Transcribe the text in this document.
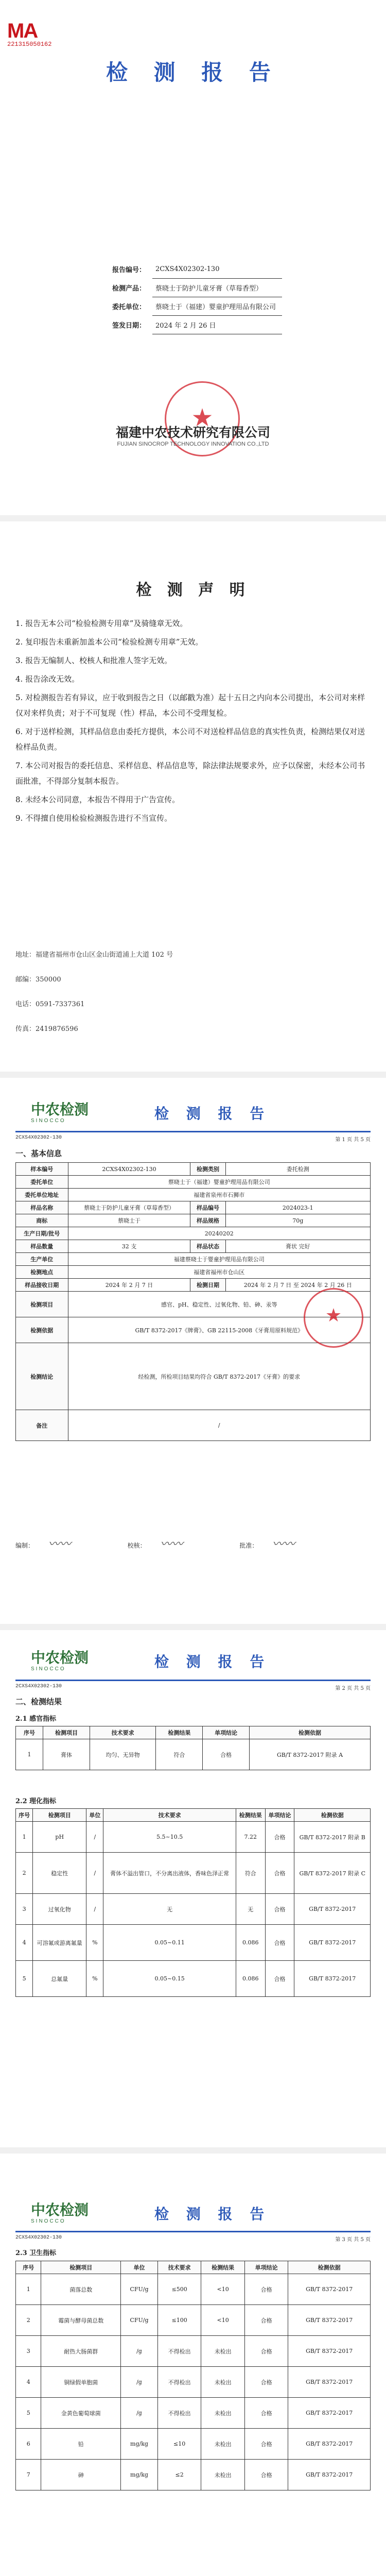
MA
221315050162
检 测 报 告
报告编号：	2CXS4X02302-130
检测产品：	蔡晓士于防护儿童牙膏（草莓香型）
委托单位：	蔡晓士于（福建）婴童护理用品有限公司
签发日期：	2024 年 2 月 26 日
★
福建中农技术研究有限公司
FUJIAN SINOCROP TECHNOLOGY INNOVATION CO.,LTD
检 测 声 明
1. 报告无本公司“检验检测专用章”及骑缝章无效。
2. 复印报告未重新加盖本公司“检验检测专用章”无效。
3. 报告无编制人、校核人和批准人签字无效。
4. 报告涂改无效。
5. 对检测报告若有异议，应于收到报告之日（以邮戳为准）起十五日之内向本公司提出，本公司对来样仅对来样负责；对于不可复现（性）样品，本公司不受理复检。
6. 对于送样检测，其样品信息由委托方提供，本公司不对送检样品信息的真实性负责，检测结果仅对送检样品负责。
7. 本公司对报告的委托信息、采样信息、样品信息等，除法律法规要求外，应予以保密，未经本公司书面批准，不得部分复制本报告。
8. 未经本公司同意，本报告不得用于广告宣传。
9. 不得擅自使用检验检测报告进行不当宣传。
地址：福建省福州市仓山区金山街道浦上大道 102 号
邮编：350000
电话：0591-7337361
传真：2419876596
中农检测
SINOCCO	检 测 报 告
2CXS4X02302-130	第 1 页 共 5 页
一、基本信息
样本编号	2CXS4X02302-130	检测类别	委托检测
委托单位	蔡晓士于（福建）婴童护理用品有限公司		
委托单位地址	福建省泉州市石狮市		
样品名称	蔡晓士于防护儿童牙膏（草莓香型）	样品编号	2024023-1
商标	蔡晓士于	样品规格	70g
生产日期/批号	20240202		
样品数量	32 支	样品状态	膏状 完好
生产单位	福建蔡晓士于婴童护理用品有限公司		
检测地点	福建省福州市仓山区		
样品接收日期	2024 年 2 月 7 日	检测日期	2024 年 2 月 7 日 至 2024 年 2 月 26 日
检测项目	感官、pH、稳定性、过氧化物、铅、砷、汞等		
检测依据	GB/T 8372-2017《牌膏》、GB 22115-2008《牙膏用原料规范》		
检测结论	经检测，所检项目结果均符合 GB/T 8372-2017《牙膏》的要求		
备注	/		
★
编制： 〰︎〰︎	校核： 〰︎〰︎	批准： 〰︎〰︎
中农检测
SINOCCO	检 测 报 告
2CXS4X02302-130	第 2 页 共 5 页
二、检测结果
2.1 感官指标
序号	检测项目	技术要求	检测结果	单项结论	检测依据
1	膏体	均匀、无异物	符合	合格	GB/T 8372-2017 附录 A
2.2 理化指标
序号	检测项目	单位	技术要求	检测结果	单项结论	检测依据
1	pH	/	5.5~10.5	7.22	合格	GB/T 8372-2017 附录 B
2	稳定性	/	膏体不溢出管口，不分离出液体，香味色泽正常	符合	合格	GB/T 8372-2017 附录 C
3	过氧化物	/	无	无	合格	GB/T 8372-2017
4	可溶氟或游离氟量	%	0.05~0.11	0.086	合格	GB/T 8372-2017
5	总氟量	%	0.05~0.15	0.086	合格	GB/T 8372-2017
中农检测
SINOCCO	检 测 报 告
2CXS4X02302-130	第 3 页 共 5 页
2.3 卫生指标
序号	检测项目	单位	技术要求	检测结果	单项结论	检测依据
1	菌落总数	CFU/g	≤500	<10	合格	GB/T 8372-2017
2	霉菌与酵母菌总数	CFU/g	≤100	<10	合格	GB/T 8372-2017
3	耐热大肠菌群	/g	不得检出	未检出	合格	GB/T 8372-2017
4	铜绿假单胞菌	/g	不得检出	未检出	合格	GB/T 8372-2017
5	金黄色葡萄球菌	/g	不得检出	未检出	合格	GB/T 8372-2017
6	铅	mg/kg	≤10	未检出	合格	GB/T 8372-2017
7	砷	mg/kg	≤2	未检出	合格	GB/T 8372-2017
